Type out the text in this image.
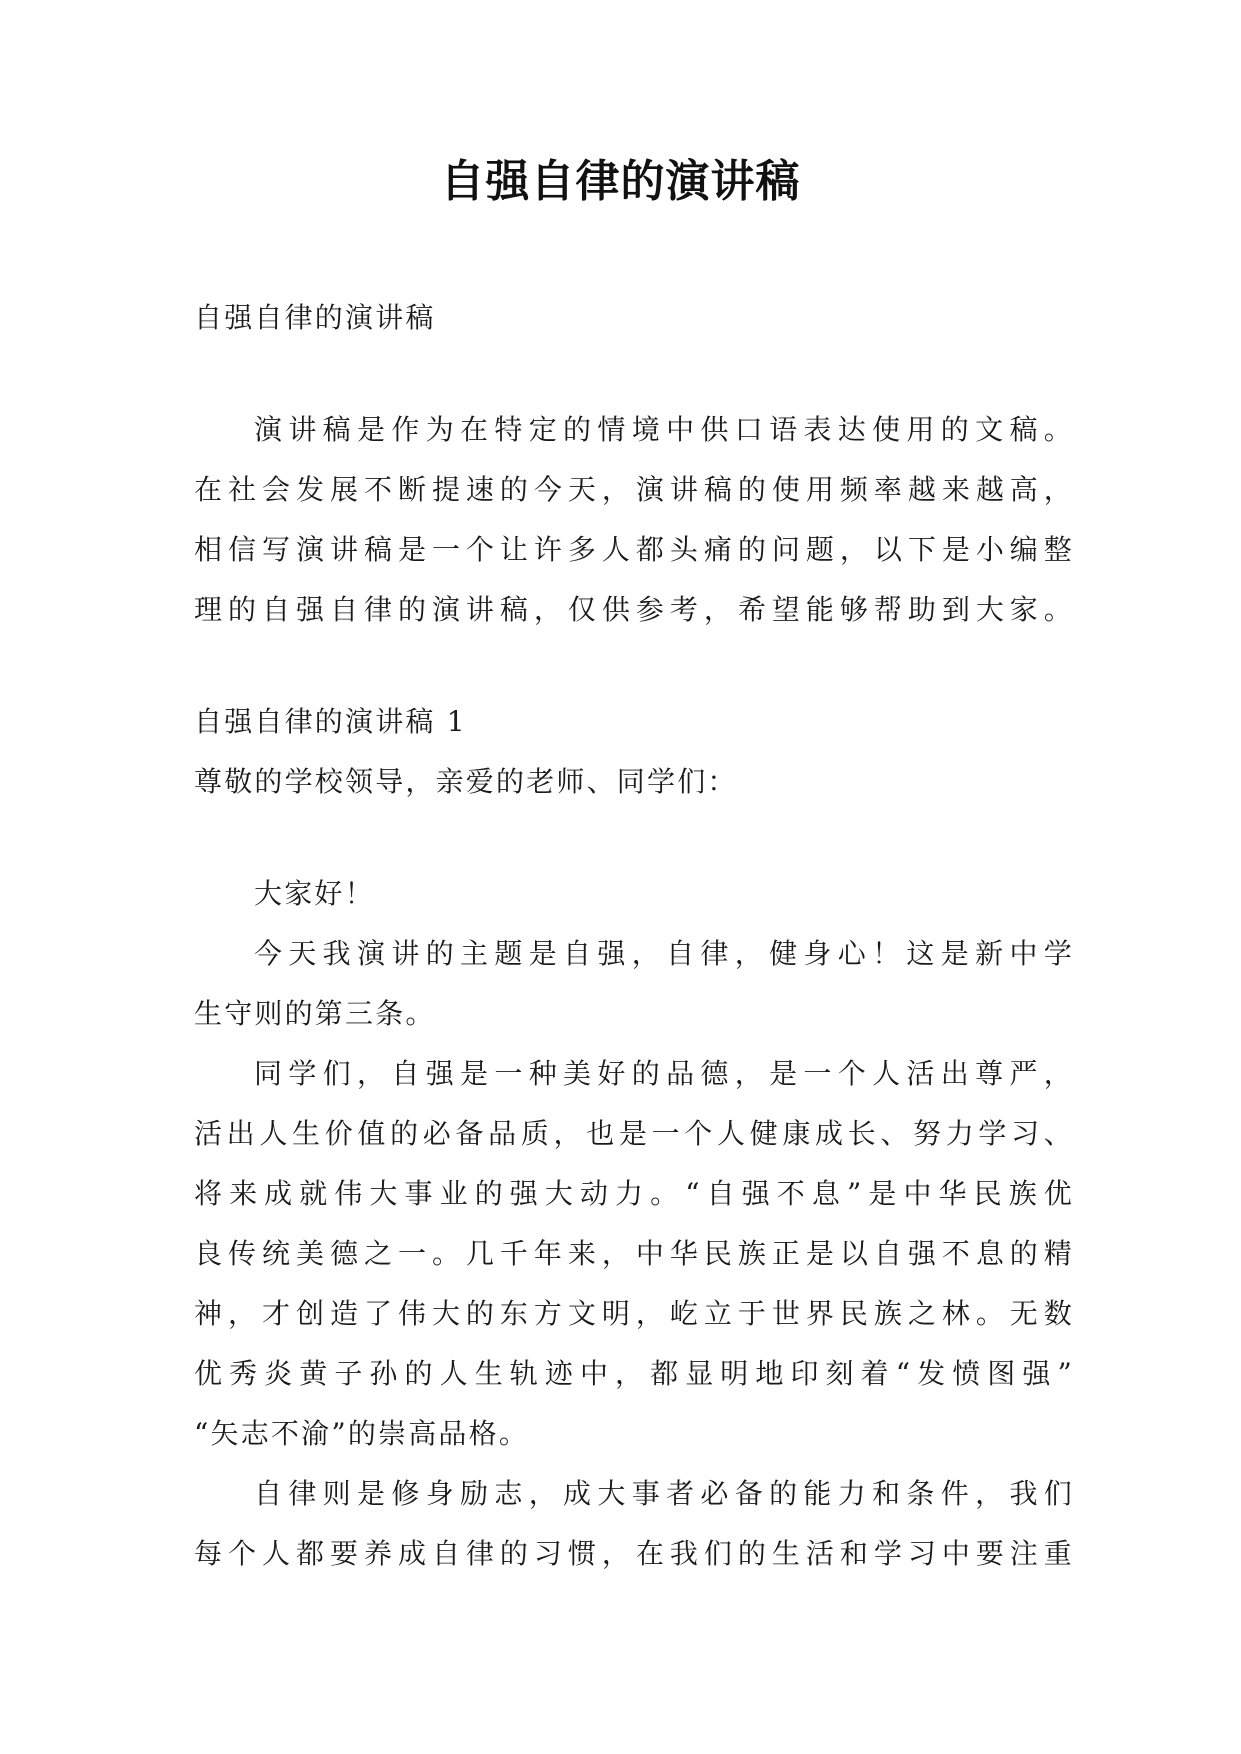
自强自律的演讲稿
自强自律的演讲稿
演讲稿是作为在特定的情境中供口语表达使用的文稿。
在社会发展不断提速的今天，演讲稿的使用频率越来越高，
相信写演讲稿是一个让许多人都头痛的问题，以下是小编整
理的自强自律的演讲稿，仅供参考，希望能够帮助到大家。
自强自律的演讲稿 1
尊敬的学校领导，亲爱的老师、同学们：
大家好！
今天我演讲的主题是自强，自律，健身心！这是新中学
生守则的第三条。
同学们，自强是一种美好的品德，是一个人活出尊严，
活出人生价值的必备品质，也是一个人健康成长、努力学习、
将来成就伟大事业的强大动力。“自强不息”是中华民族优
良传统美德之一。几千年来，中华民族正是以自强不息的精
神，才创造了伟大的东方文明，屹立于世界民族之林。无数
优秀炎黄子孙的人生轨迹中，都显明地印刻着“发愤图强”
“矢志不渝”的崇高品格。
自律则是修身励志，成大事者必备的能力和条件，我们
每个人都要养成自律的习惯，在我们的生活和学习中要注重
